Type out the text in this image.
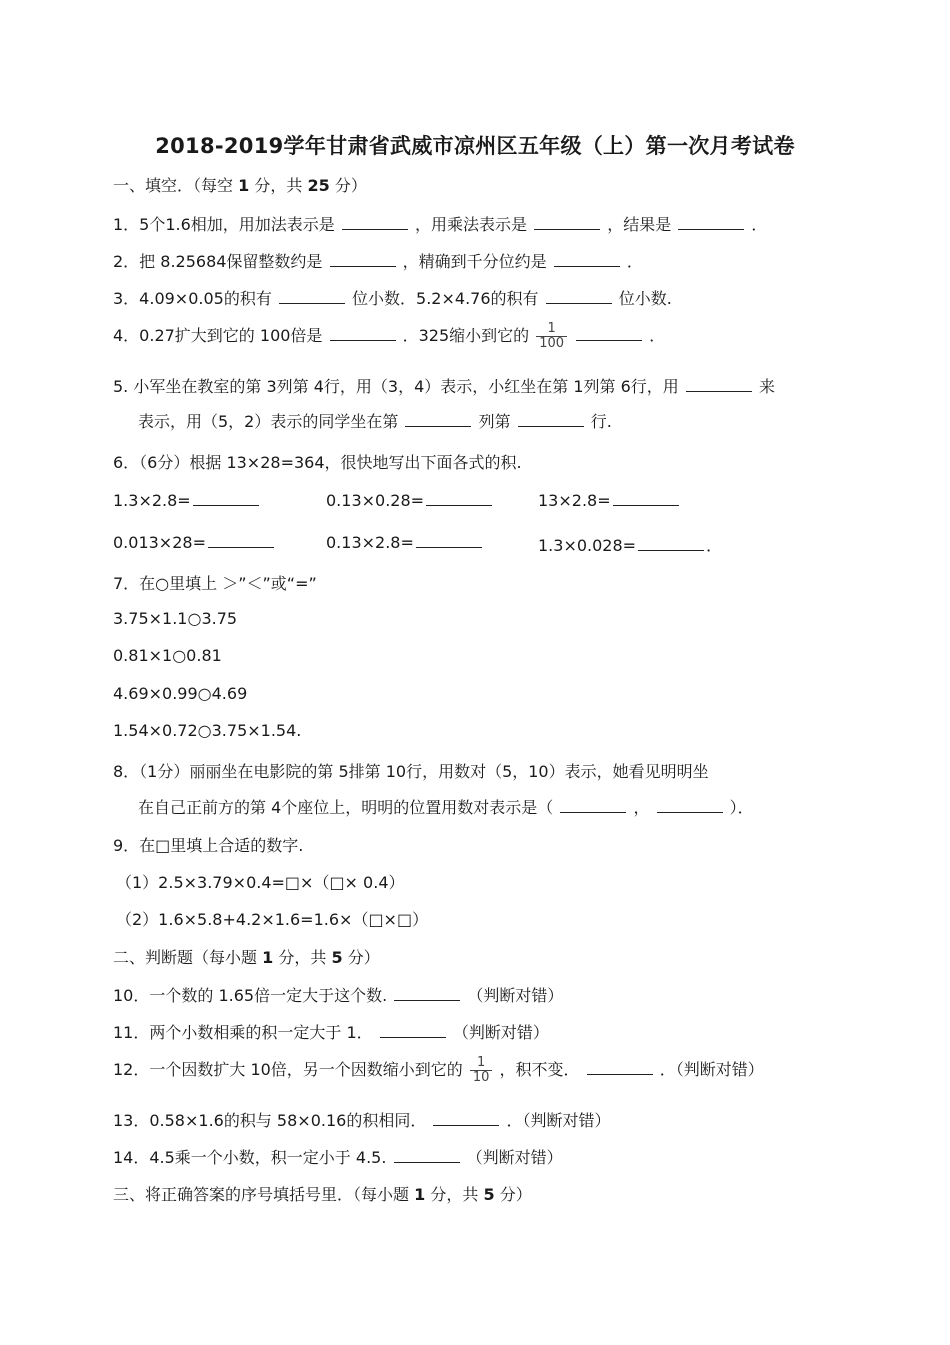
2018-2019学年甘肃省武威市凉州区五年级（上）第一次月考试卷
一、填空．（每空 1 分，共 25 分）
1．5个1.6相加，用加法表示是	，用乘法表示是	，结果是	．
2．把 8.25684保留整数约是	，精确到千分位约是	．
3．4.09×0.05的积有	位小数．5.2×4.76的积有	位小数.
4．0.27扩大到它的 100倍是	．325缩小到它的 $\frac{1}{100}$	．
5. 小军坐在教室的第 3列第 4行，用（3，4）表示，小红坐在第 1列第 6行，用	来
表示，用（5，2）表示的同学坐在第	列第	行.
6．（6分）根据 13×28=364，很快地写出下面各式的积.
1.3×2.8=	0.13×0.28=	13×2.8=
0.013×28=	0.13×2.8=	1.3×0.028=	．
7．在○里填上 ＞”＜”或“=”
3.75×1.1○3.75
0.81×1○0.81
4.69×0.99○4.69
1.54×0.72○3.75×1.54.
8．（1分）丽丽坐在电影院的第 5排第 10行，用数对（5，10）表示，她看见明明坐
在自己正前方的第 4个座位上，明明的位置用数对表示是（	，	）．
9．在□里填上合适的数字.
（1）2.5×3.79×0.4=□×（□× 0.4）
（2）1.6×5.8+4.2×1.6=1.6×（□×□）
二、判断题（每小题 1 分，共 5 分）
10．一个数的 1.65倍一定大于这个数.	（判断对错）
11．两个小数相乘的积一定大于 1．	（判断对错）
12．一个因数扩大 10倍，另一个因数缩小到它的 $\frac{1}{10}$ ，积不变．	．（判断对错）
13．0.58×1.6的积与 58×0.16的积相同．	．（判断对错）
14．4.5乘一个小数，积一定小于 4.5.	（判断对错）
三、将正确答案的序号填括号里．（每小题 1 分，共 5 分）
